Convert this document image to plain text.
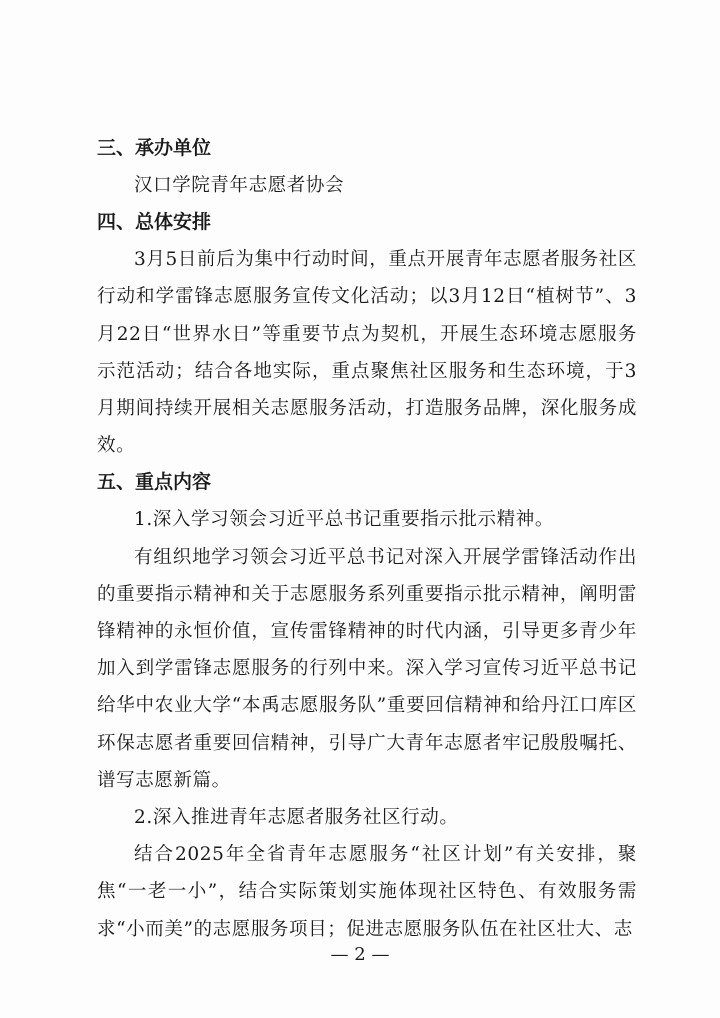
三、承办单位

汉口学院青年志愿者协会

四、总体安排

3月5日前后为集中行动时间，重点开展青年志愿者服务社区行动和学雷锋志愿服务宣传文化活动；以3月12日“植树节”、3月22日“世界水日”等重要节点为契机，开展生态环境志愿服务示范活动；结合各地实际，重点聚焦社区服务和生态环境，于3月期间持续开展相关志愿服务活动，打造服务品牌，深化服务成效。

五、重点内容

1.深入学习领会习近平总书记重要指示批示精神。

有组织地学习领会习近平总书记对深入开展学雷锋活动作出的重要指示精神和关于志愿服务系列重要指示批示精神，阐明雷锋精神的永恒价值，宣传雷锋精神的时代内涵，引导更多青少年加入到学雷锋志愿服务的行列中来。深入学习宣传习近平总书记给华中农业大学“本禹志愿服务队”重要回信精神和给丹江口库区环保志愿者重要回信精神，引导广大青年志愿者牢记殷殷嘱托、谱写志愿新篇。

2.深入推进青年志愿者服务社区行动。

结合2025年全省青年志愿服务“社区计划”有关安排，聚焦“一老一小”，结合实际策划实施体现社区特色、有效服务需求“小而美”的志愿服务项目；促进志愿服务队伍在社区壮大、志

— 2 —
